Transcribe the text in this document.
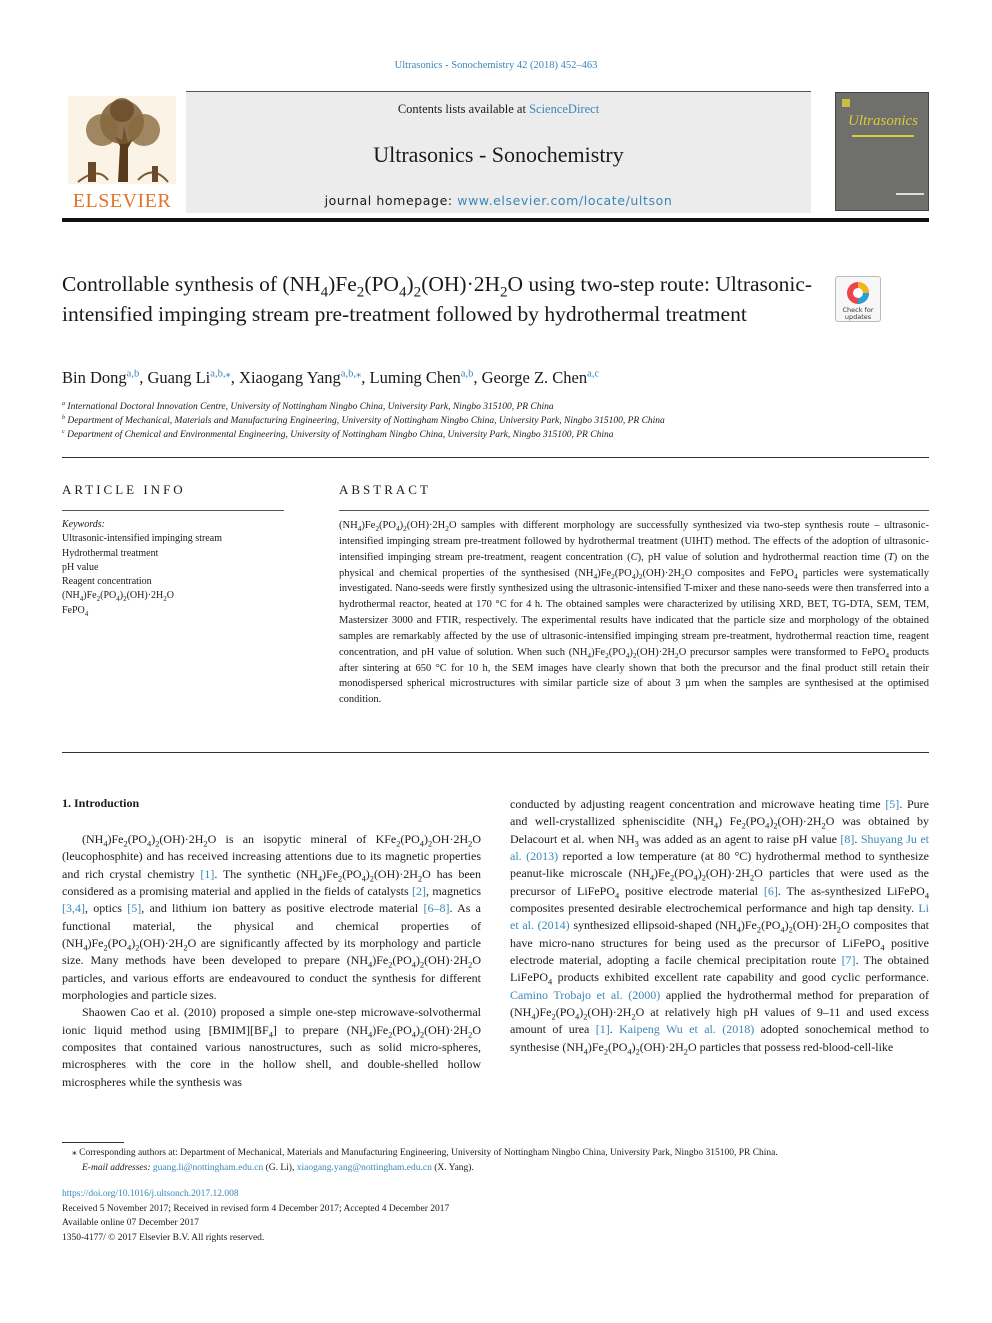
Ultrasonics - Sonochemistry 42 (2018) 452–463
ELSEVIER
Contents lists available at ScienceDirect
Ultrasonics - Sonochemistry
journal homepage: www.elsevier.com/locate/ultson
Ultrasonics
Controllable synthesis of $(NH_4)Fe_2(PO_4)_2(OH)\cdot 2H_2O$ using two-step route: Ultrasonic-intensified impinging stream pre-treatment followed by hydrothermal treatment	Check for updates
Bin Dong$^{a,b}$, Guang $Li^{a,b,⁎}$, Xiaogang Yang$^{a,b,⁎}$, Luming Chen$^{a,b}$, George Z. Chen$^{a,c}$
$^a$ International Doctoral Innovation Centre, University of Nottingham Ningbo China, University Park, Ningbo 315100, PR China
$^b$ Department of Mechanical, Materials and Manufacturing Engineering, University of Nottingham Ningbo China, University Park, Ningbo 315100, PR China
$^c$ Department of Chemical and Environmental Engineering, University of Nottingham Ningbo China, University Park, Ningbo 315100, PR China
ARTICLE INFO	ABSTRACT
Keywords:
Ultrasonic-intensified impinging stream
Hydrothermal treatment
pH value
Reagent concentration
$(NH_4)Fe_2(PO_4)_2(OH)\cdot 2H_2O$
FePO$_4$
$(NH_4)Fe_2(PO_4)_2(OH)\cdot 2H_2O$ samples with different morphology are successfully synthesized via two-step synthesis route – ultrasonic-intensified impinging stream pre-treatment followed by hydrothermal treatment (UIHT) method. The effects of the adoption of ultrasonic-intensified impinging stream pre-treatment, reagent concentration (C), pH value of solution and hydrothermal reaction time (T) on the physical and chemical properties of the synthesised $(NH_4)Fe_2(PO_4)_2(OH)\cdot 2H_2O$ composites and FePO$_4$ particles were systematically investigated. Nano-seeds were firstly synthesized using the ultrasonic-intensified T-mixer and these nano-seeds were then transferred into a hydrothermal reactor, heated at 170 °C for 4 h. The obtained samples were characterized by utilising XRD, BET, TG-DTA, SEM, TEM, Mastersizer 3000 and FTIR, respectively. The experimental results have indicated that the particle size and morphology of the obtained samples are remarkably affected by the use of ultrasonic-intensified impinging stream pre-treatment, hydrothermal reaction time, reagent concentration, and pH value of solution. When such $(NH_4)Fe_2(PO_4)_2(OH)\cdot 2H_2O$ precursor samples were transformed to FePO$_4$ products after sintering at 650 °C for 10 h, the SEM images have clearly shown that both the precursor and the final product still retain their monodispersed spherical microstructures with similar particle size of about 3 µm when the samples are synthesised at the optimised condition.
1. Introduction

$(NH_4)Fe_2(PO_4)_2(OH)\cdot 2H_2O$ is an isopytic mineral of $KFe_2(PO_4)_2OH\cdot 2H_2O$ (leucophosphite) and has received increasing attentions due to its magnetic properties and rich crystal chemistry [1]. The synthetic $(NH_4)Fe_2(PO_4)_2(OH)\cdot 2H_2O$ has been considered as a promising material and applied in the fields of catalysts [2], magnetics [3,4], optics [5], and lithium ion battery as positive electrode material [6–8]. As a functional material, the physical and chemical properties of $(NH_4)Fe_2(PO_4)_2(OH)\cdot 2H_2O$ are significantly affected by its morphology and particle size. Many methods have been developed to prepare $(NH_4)Fe_2(PO_4)_2(OH)\cdot 2H_2O$ particles, and various efforts are endeavoured to conduct the synthesis for different morphologies and particle sizes.

Shaowen Cao et al. (2010) proposed a simple one-step microwave-solvothermal ionic liquid method using $[BMIM][BF_4]$ to prepare $(NH_4)Fe_2(PO_4)_2(OH)\cdot 2H_2O$ composites that contained various nanostructures, such as solid micro-spheres, microspheres with the core in the hollow shell, and double-shelled hollow microspheres while the synthesis was

conducted by adjusting reagent concentration and microwave heating time [5]. Pure and well-crystallized spheniscidite $(NH_4)$ $Fe_2(PO_4)_2(OH)\cdot 2H_2O$ was obtained by Delacourt et al. when $NH_3$ was added as an agent to raise pH value [8]. Shuyang Ju et al. (2013) reported a low temperature (at 80 °C) hydrothermal method to synthesize peanut-like microscale $(NH_4)Fe_2(PO_4)_2(OH)\cdot 2H_2O$ particles that were used as the precursor of LiFePO$_4$ positive electrode material [6]. The as-synthesized LiFePO$_4$ composites presented desirable electrochemical performance and high tap density. Li et al. (2014) synthesized ellipsoid-shaped $(NH_4)Fe_2(PO_4)_2(OH)\cdot 2H_2O$ composites that have micro-nano structures for being used as the precursor of LiFePO$_4$ positive electrode material, adopting a facile chemical precipitation route [7]. The obtained LiFePO$_4$ products exhibited excellent rate capability and good cyclic performance. Camino Trobajo et al. (2000) applied the hydrothermal method for preparation of $(NH_4)Fe_2(PO_4)_2(OH)\cdot 2H_2O$ at relatively high pH values of 9–11 and used excess amount of urea [1]. Kaipeng Wu et al. (2018) adopted sonochemical method to synthesise $(NH_4)Fe_2(PO_4)_2(OH)\cdot 2H_2O$ particles that possess red-blood-cell-like

⁎ Corresponding authors at: Department of Mechanical, Materials and Manufacturing Engineering, University of Nottingham Ningbo China, University Park, Ningbo 315100, PR China.
E-mail addresses: guang.li@nottingham.edu.cn (G. Li), xiaogang.yang@nottingham.edu.cn (X. Yang).
https://doi.org/10.1016/j.ultsonch.2017.12.008
Received 5 November 2017; Received in revised form 4 December 2017; Accepted 4 December 2017
Available online 07 December 2017
1350-4177/ © 2017 Elsevier B.V. All rights reserved.
